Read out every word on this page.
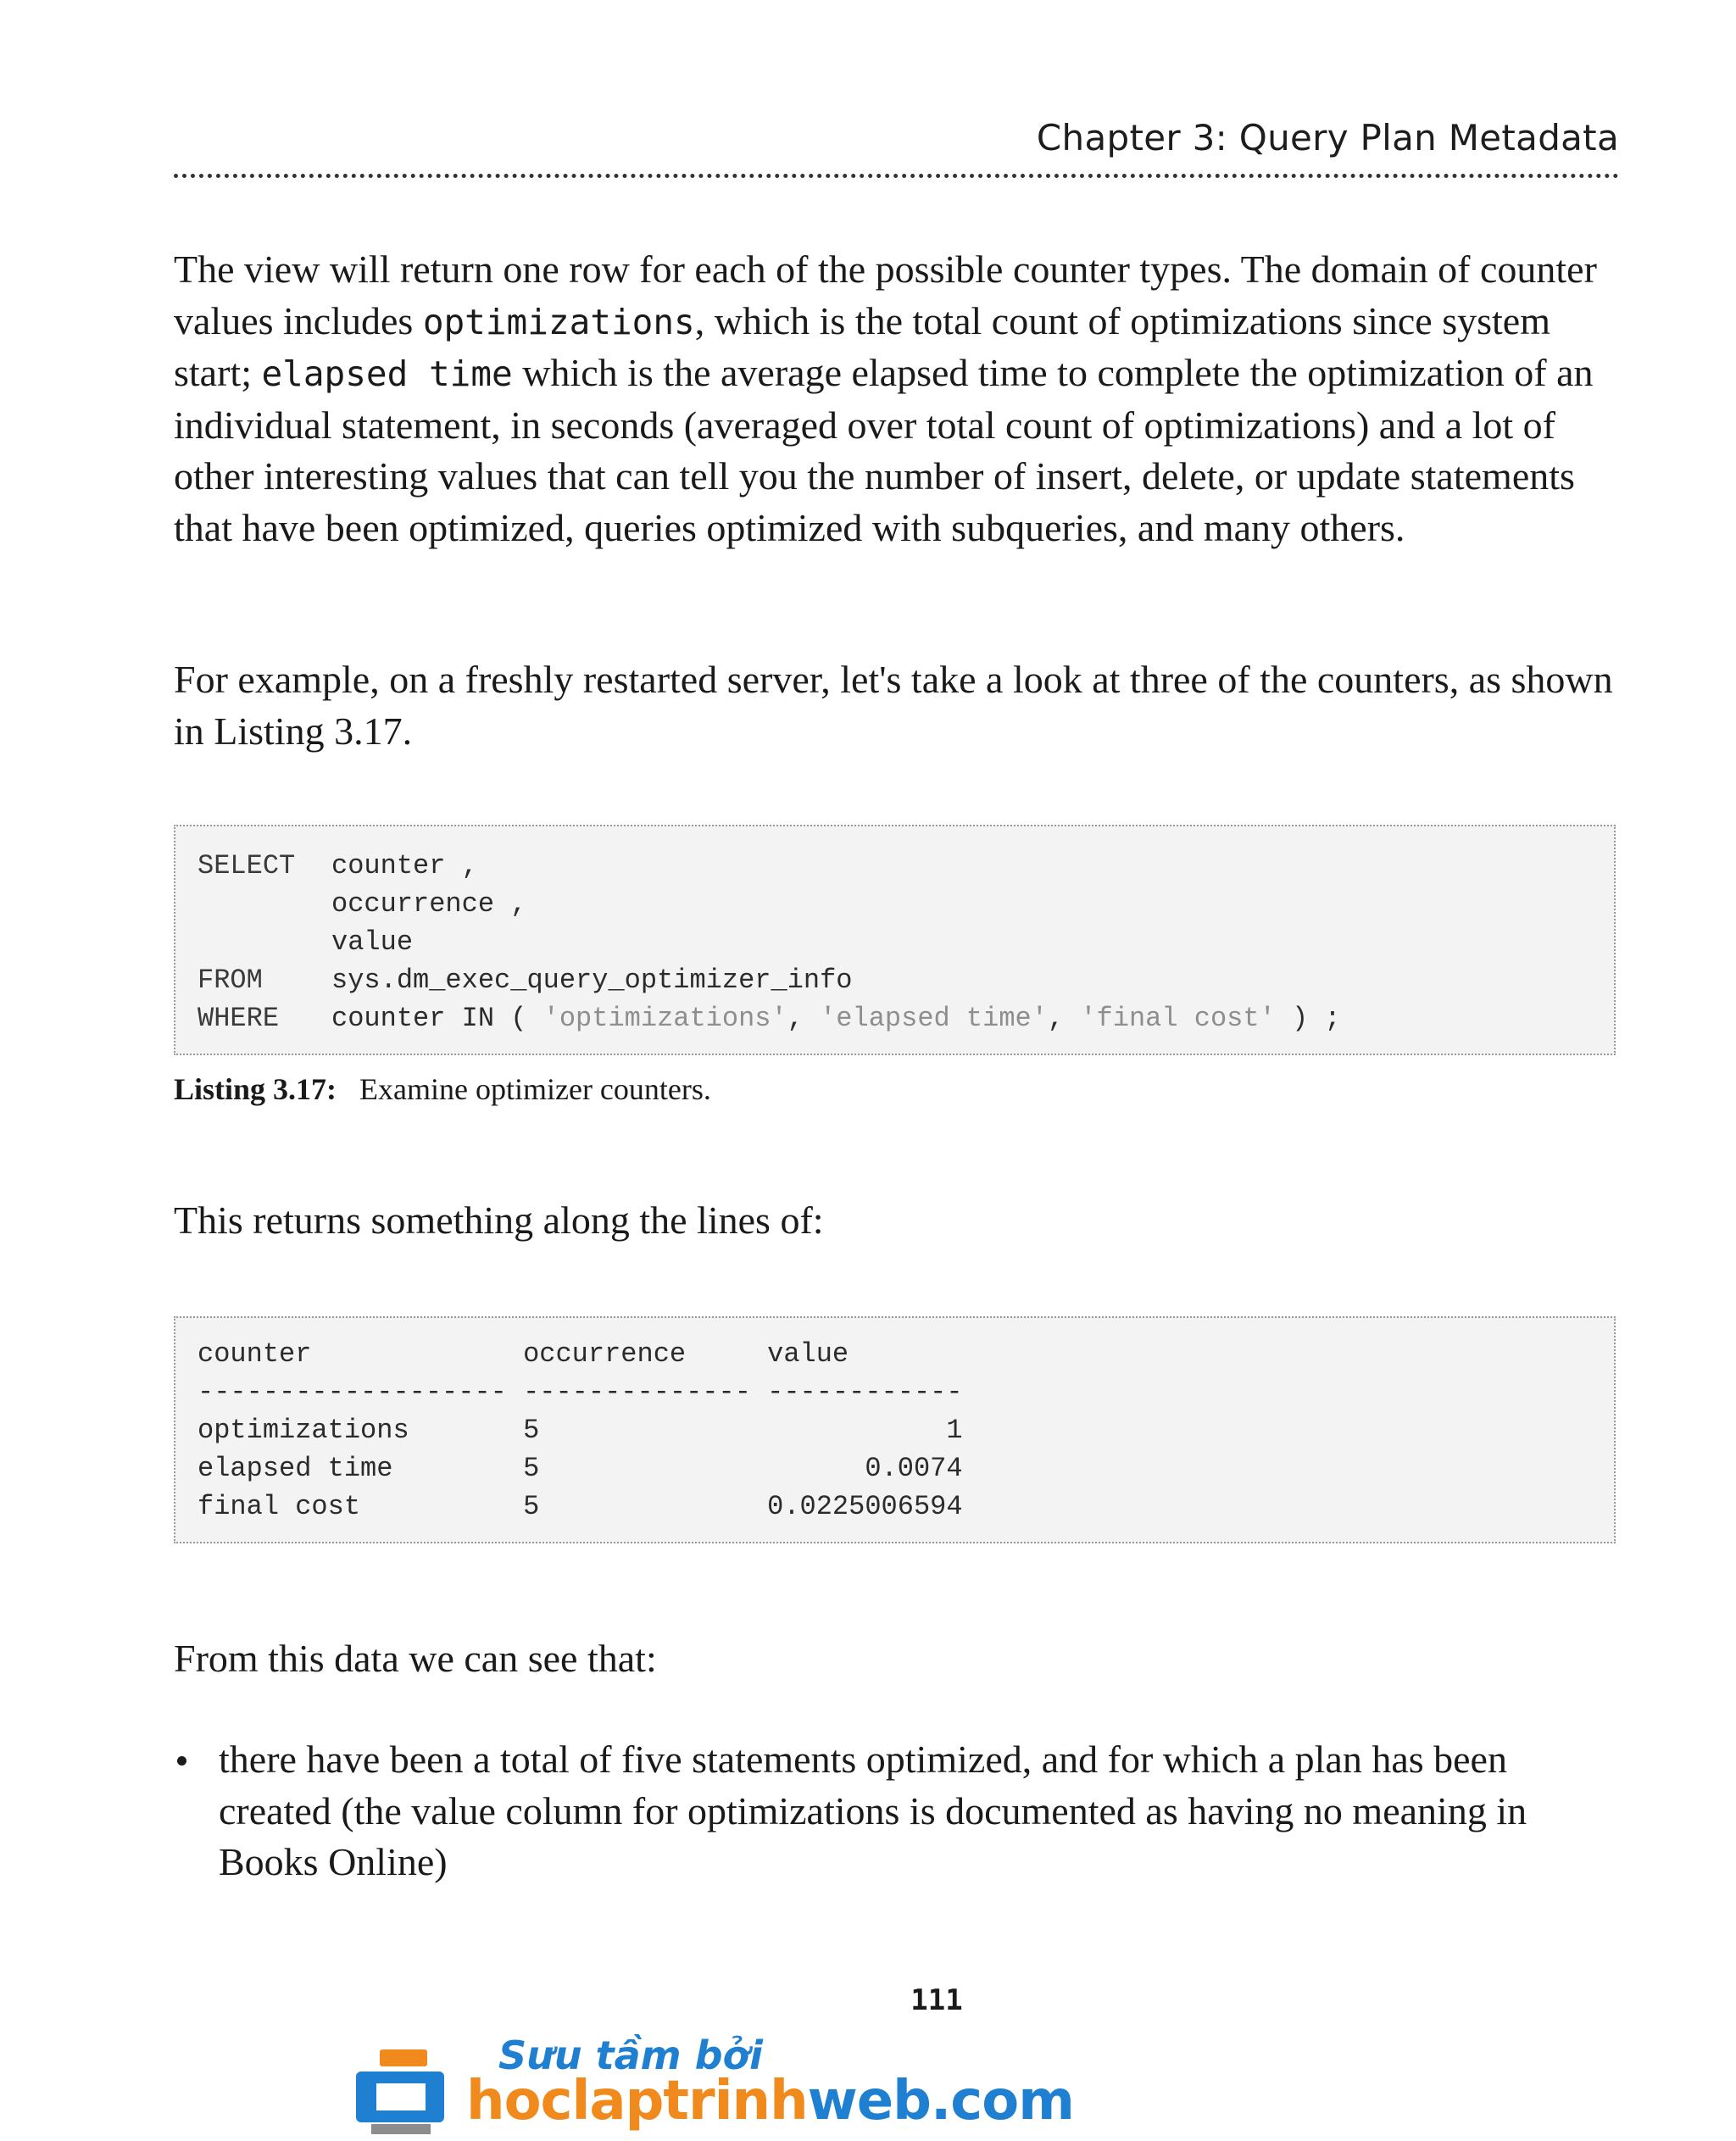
Chapter 3: Query Plan Metadata

The view will return one row for each of the possible counter types. The domain of counter values includes optimizations, which is the total count of optimizations since system start; elapsed time which is the average elapsed time to complete the optimization of an individual statement, in seconds (averaged over total count of optimizations) and a lot of other interesting values that can tell you the number of insert, delete, or update statements that have been optimized, queries optimized with subqueries, and many others.

For example, on a freshly restarted server, let's take a look at three of the counters, as shown in Listing 3.17.

SELECT counter ,
occurrence ,
value
FROM	sys.dm_exec_query_optimizer_info
WHERE counter IN ( 'optimizations', 'elapsed time', 'final cost' ) ;
Listing 3.17: Examine optimizer counters.

This returns something along the lines of:

counter             occurrence     value
------------------- -------------- ------------
optimizations       5                         1
elapsed time        5                    0.0074
final cost          5              0.0225006594

From this data we can see that:

there have been a total of five statements optimized, and for which a plan has been created (the value column for optimizations is documented as having no meaning in Books Online)
111
Sưu tầm bởi
hoclaptrinhweb.com
